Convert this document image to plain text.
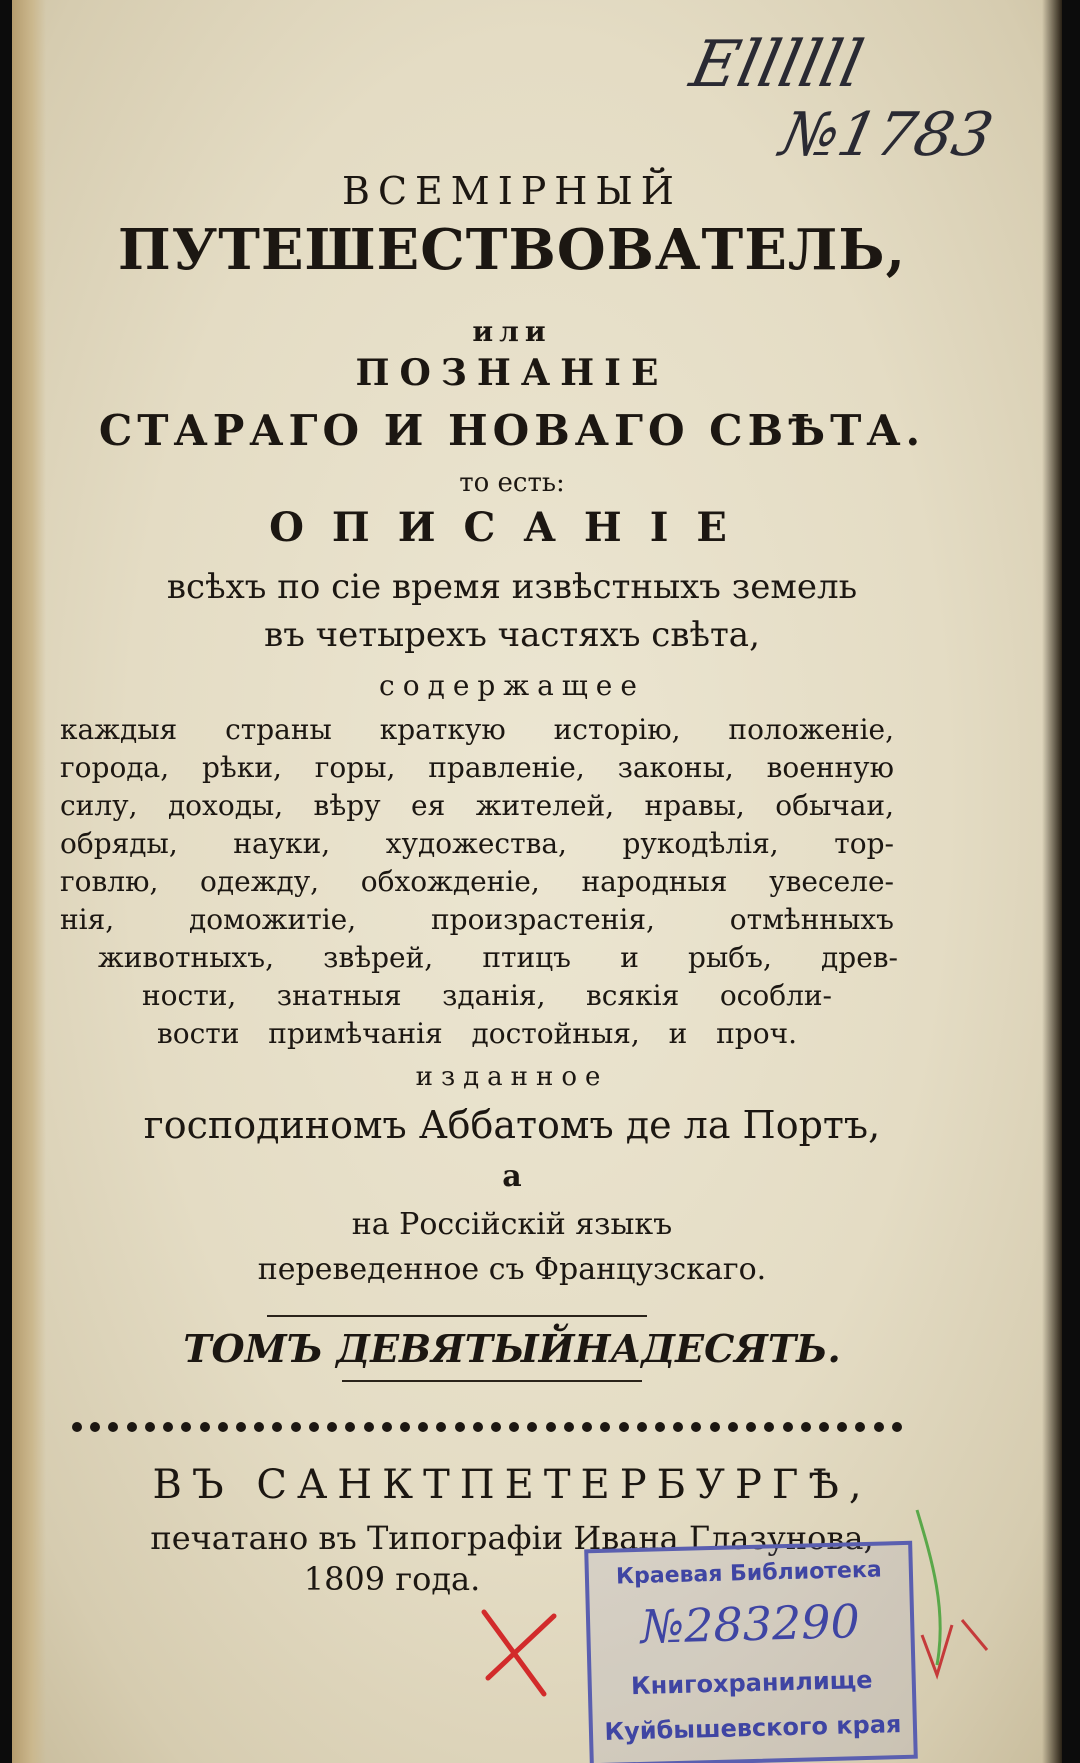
Еllllll
№1783
ВСЕМIРНЫЙ
ПУТЕШЕСТВОВАТЕЛЬ,
или
ПОЗНАНIЕ
СТАРАГО И НОВАГО СВѢТА.
то есть:
ОПИСАНIЕ
всѣхъ по сiе время извѣстныхъ земель
въ четырехъ частяхъ свѣта,
содержащее
каждыя страны краткую исторiю, положенiе,
города, рѣки, горы, правленiе, законы, военную
силу, доходы, вѣру ея жителей, нравы, обычаи,
обряды, науки, художества, рукодѣлiя, тор-
говлю, одежду, обхожденiе, народныя увеселе-
нiя, доможитiе, произрастенiя, отмѣнныхъ
животныхъ, звѣрей, птицъ и рыбъ, древ-
ности, знатныя зданiя, всякiя особли-
вости примѣчанiя достойныя, и проч.
изданное
господиномъ Аббатомъ де ла Портъ,
а
на Россiйскiй языкъ
переведенное съ Французскаго.
ТОМЪ ДЕВЯТЫЙНАДЕСЯТЬ.
ВЪ САНКТПЕТЕРБУРГѢ,
печатано въ Типографiи Ивана Глазунова,
1809 года.	Краевая Библиотека
№283290
Книгохранилище
Куйбышевского края
